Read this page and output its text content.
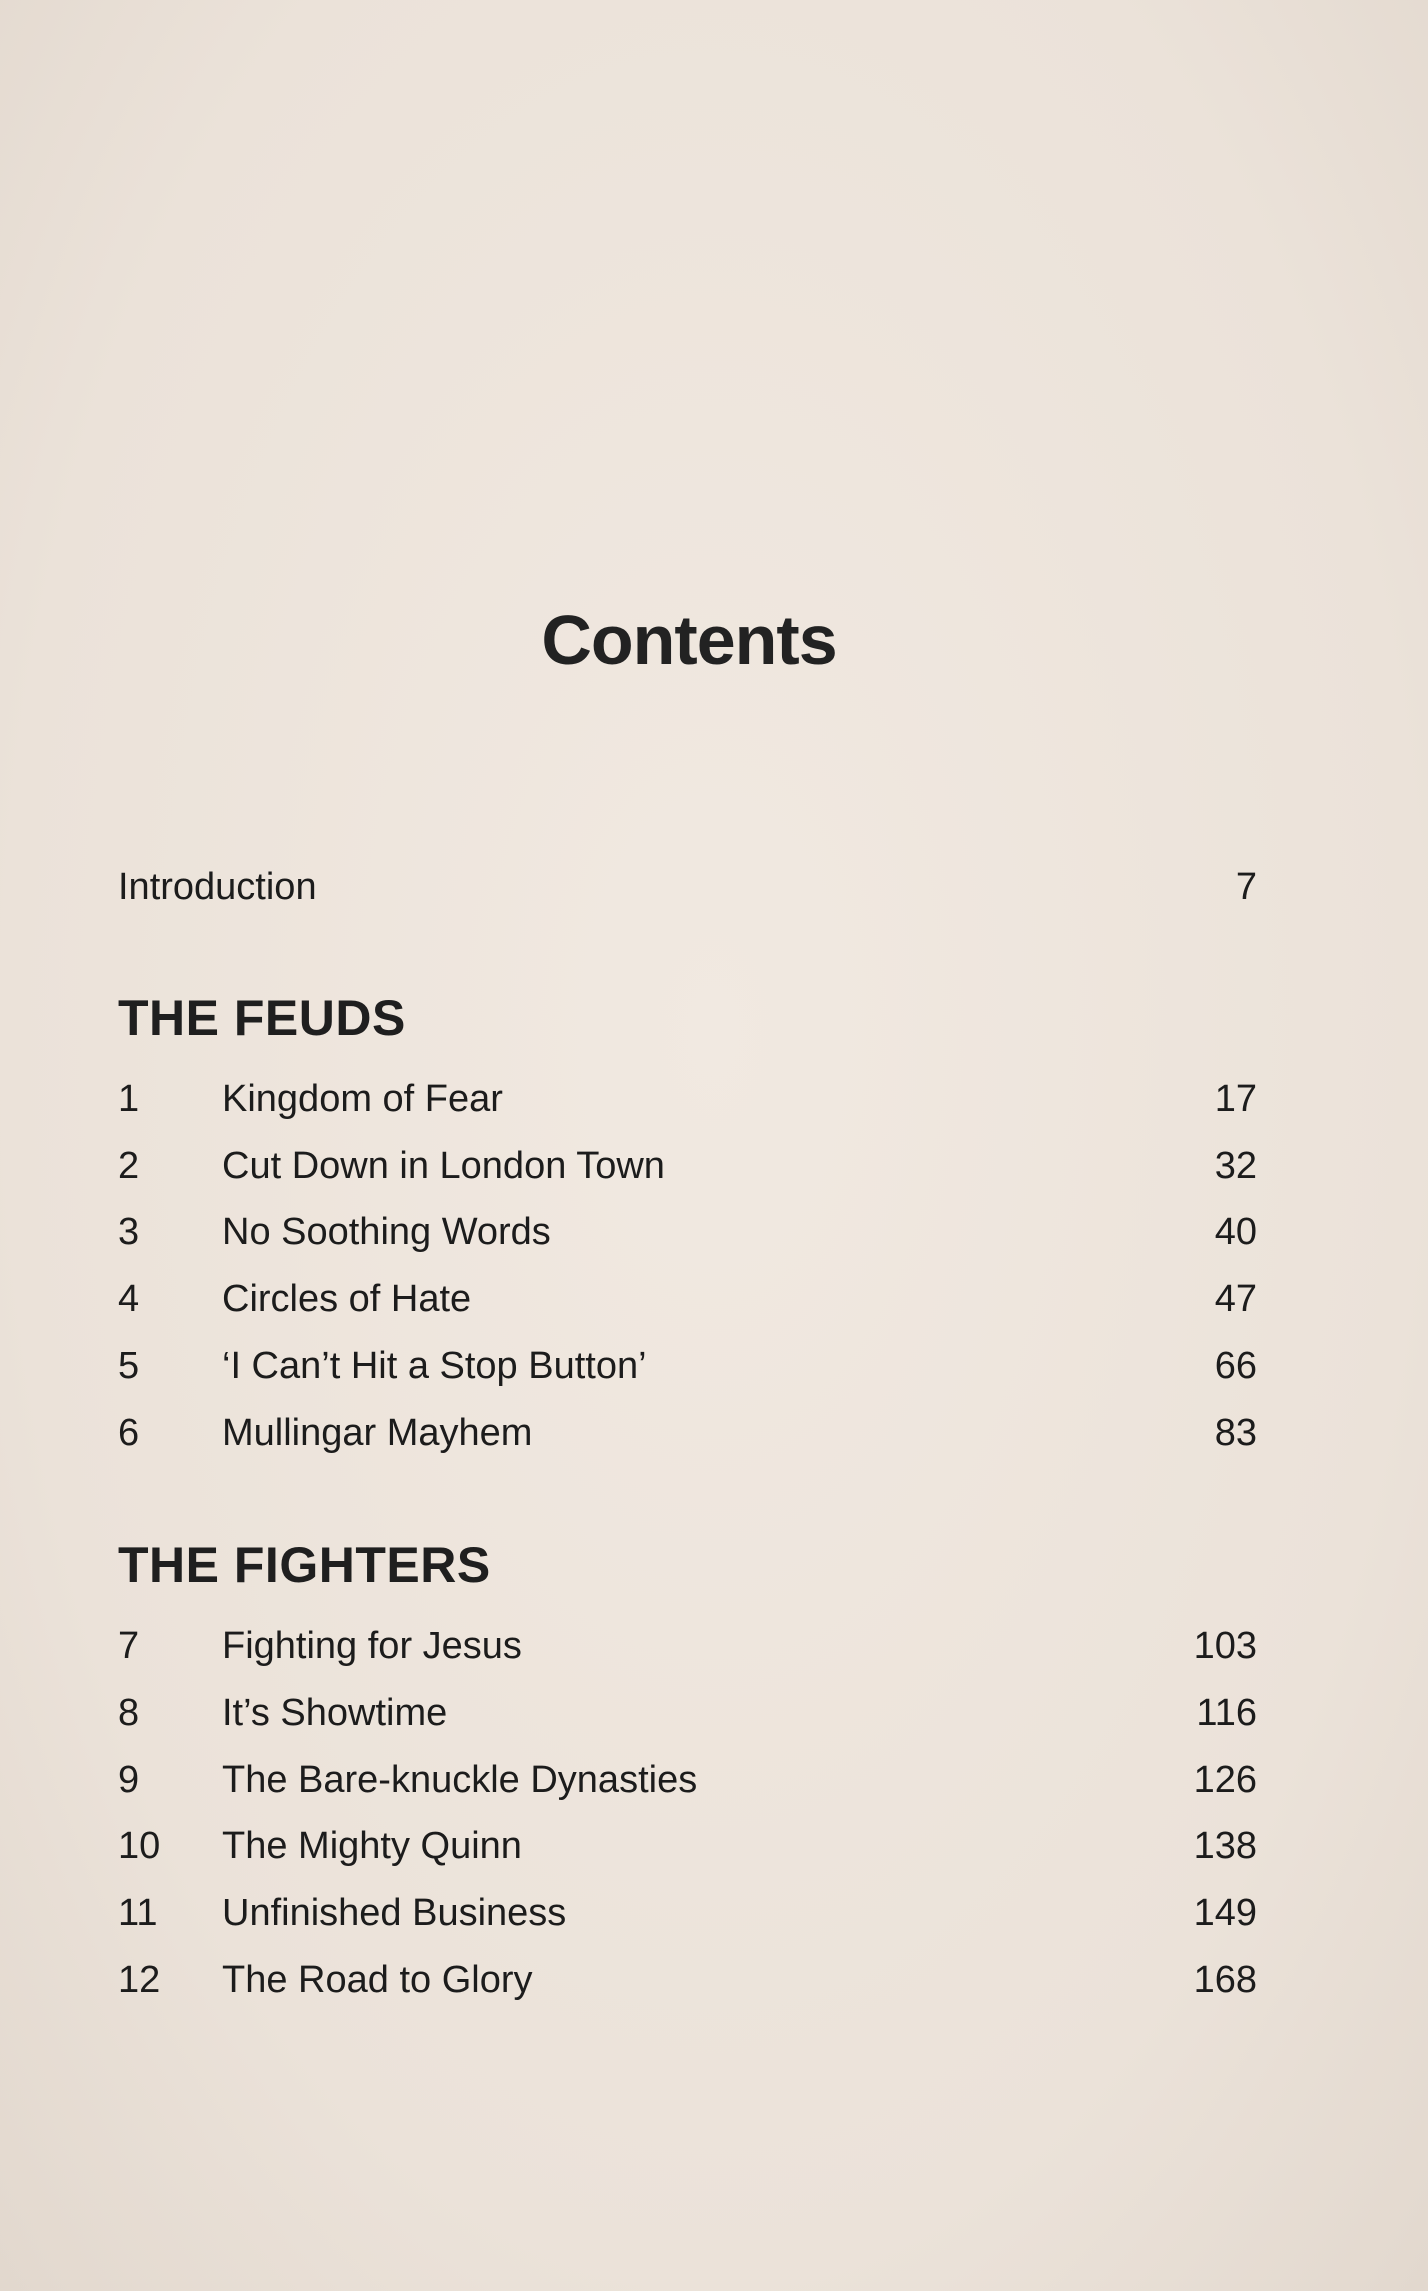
Contents
Introduction	7
THE FEUDS
1 Kingdom of Fear	17
2 Cut Down in London Town	32
3 No Soothing Words	40
4 Circles of Hate	47
5 ‘I Can’t Hit a Stop Button’	66
6 Mullingar Mayhem	83
THE FIGHTERS
7 Fighting for Jesus	103
8 It’s Showtime	116
9 The Bare-knuckle Dynasties	126
10 The Mighty Quinn	138
11 Unfinished Business	149
12 The Road to Glory	168
